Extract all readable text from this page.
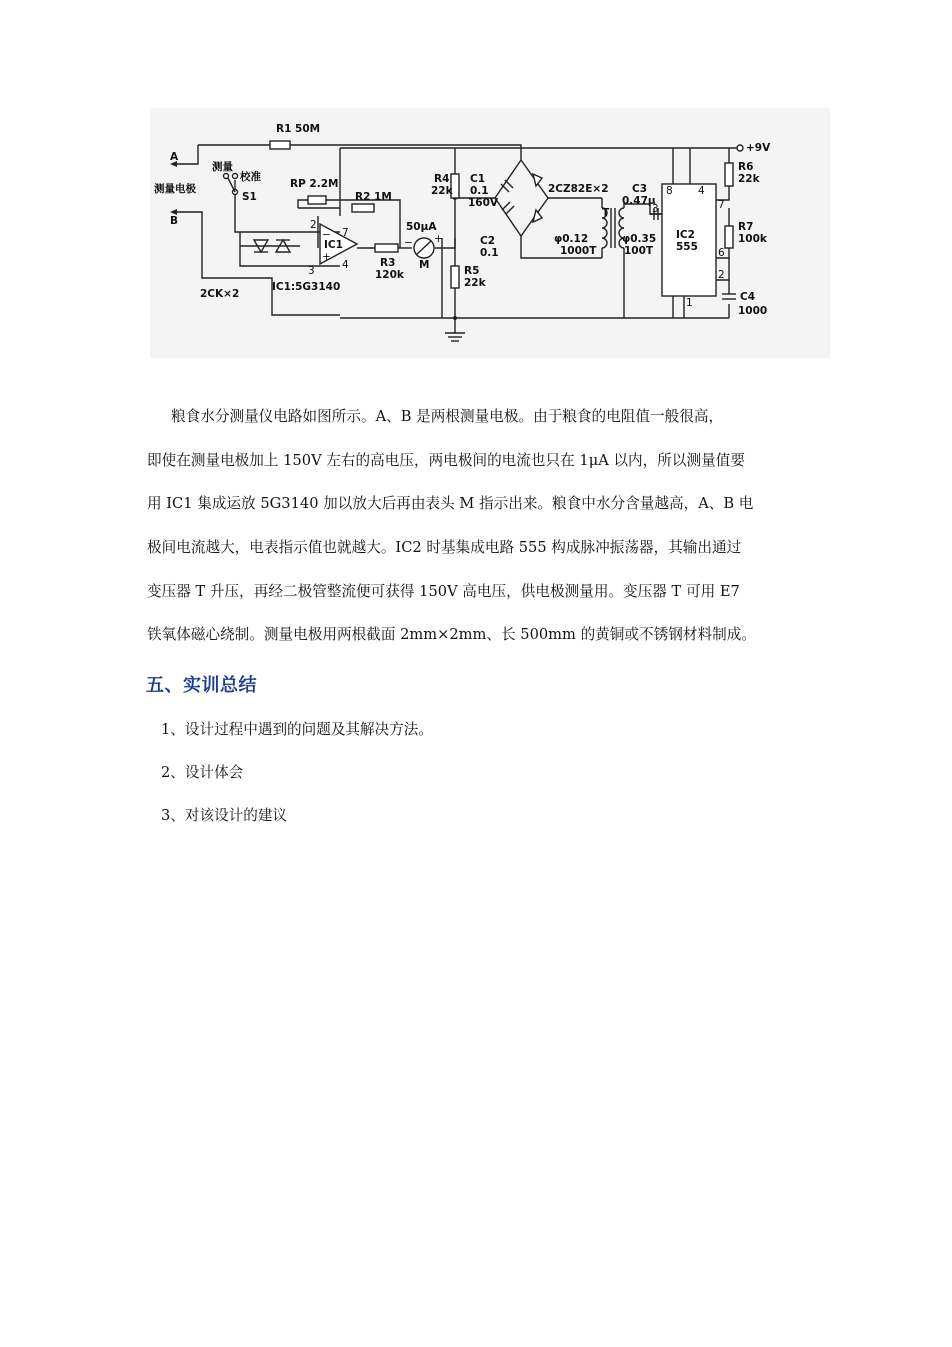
R1 50M
+9V
A
B
测量
校准
测量电极
S1
RP 2.2M
R2 1M
R4
22k
C1
0.1
160V
2CZ82E×2 C3
0.47μ
R6
22k
R7
100k
IC1
50μA
M
R3
120k
C2
0.1
φ0.12
1000T
T
φ0.35
100T
IC2
555
R5
22k
2CK×2
IC1:5G3140
C4
1000
2
3	4
7
−
+
− +
8 4
7
3
6
2
1
粮食水分测量仪电路如图所示。A、B 是两根测量电极。由于粮食的电阻值一般很高，
即使在测量电极加上 150V 左右的高电压，两电极间的电流也只在 1μA 以内，所以测量值要
用 IC1 集成运放 5G3140 加以放大后再由表头 M 指示出来。粮食中水分含量越高，A、B 电
极间电流越大，电表指示值也就越大。IC2 时基集成电路 555 构成脉冲振荡器，其输出通过
变压器 T 升压，再经二极管整流便可获得 150V 高电压，供电极测量用。变压器 T 可用 E7
铁氧体磁心绕制。测量电极用两根截面 2mm×2mm、长 500mm 的黄铜或不锈钢材料制成。
五、实训总结
1、设计过程中遇到的问题及其解决方法。
2、设计体会
3、对该设计的建议
